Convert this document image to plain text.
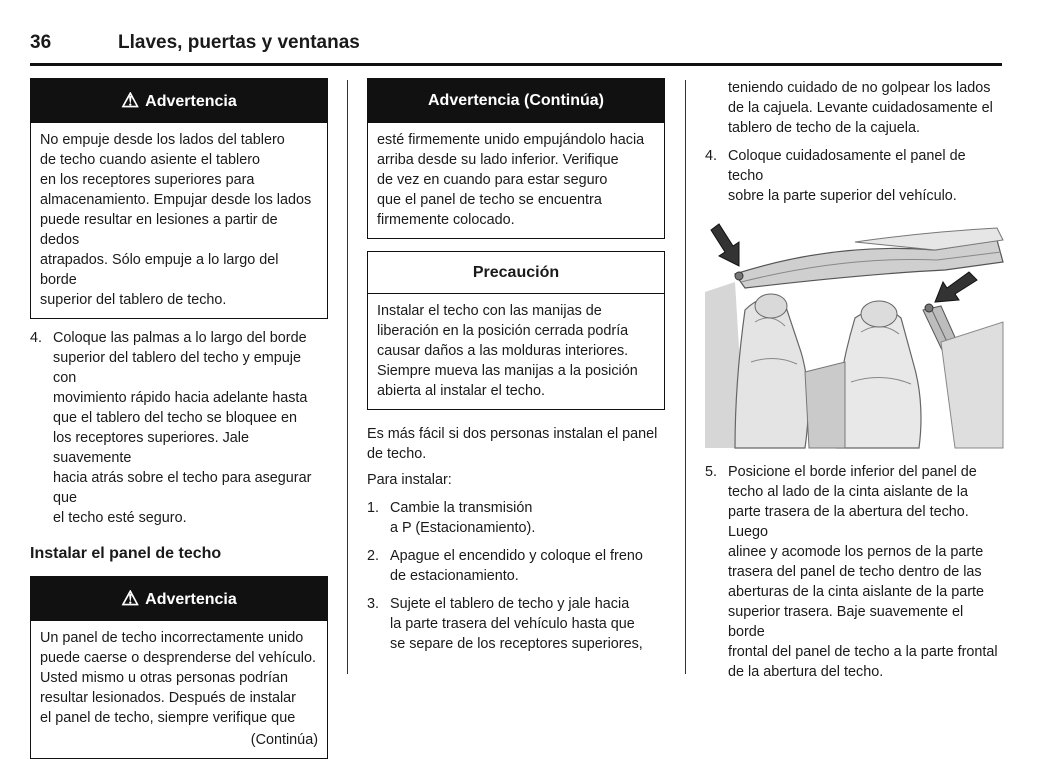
36	Llaves, puertas y ventanas
⚠ Advertencia
No empuje desde los lados del tablero
de techo cuando asiente el tablero
en los receptores superiores para
almacenamiento. Empujar desde los lados
puede resultar en lesiones a partir de dedos
atrapados. Sólo empuje a lo largo del borde
superior del tablero de techo.
4. Coloque las palmas a lo largo del borde
superior del tablero del techo y empuje con
movimiento rápido hacia adelante hasta
que el tablero del techo se bloquee en
los receptores superiores. Jale suavemente
hacia atrás sobre el techo para asegurar que
el techo esté seguro.
Instalar el panel de techo
⚠ Advertencia
Un panel de techo incorrectamente unido
puede caerse o desprenderse del vehículo.
Usted mismo u otras personas podrían
resultar lesionados. Después de instalar
el panel de techo, siempre verifique que
(Continúa)
Advertencia (Continúa)
esté firmemente unido empujándolo hacia
arriba desde su lado inferior. Verifique
de vez en cuando para estar seguro
que el panel de techo se encuentra
firmemente colocado.
Precaución
Instalar el techo con las manijas de
liberación en la posición cerrada podría
causar daños a las molduras interiores.
Siempre mueva las manijas a la posición
abierta al instalar el techo.
Es más fácil si dos personas instalan el panel
de techo.
Para instalar:
1. Cambie la transmisión
a P (Estacionamiento).
2. Apague el encendido y coloque el freno
de estacionamiento.
3. Sujete el tablero de techo y jale hacia
la parte trasera del vehículo hasta que
se separe de los receptores superiores,
teniendo cuidado de no golpear los lados
de la cajuela. Levante cuidadosamente el
tablero de techo de la cajuela.
4. Coloque cuidadosamente el panel de techo
sobre la parte superior del vehículo.
5. Posicione el borde inferior del panel de
techo al lado de la cinta aislante de la
parte trasera de la abertura del techo. Luego
alinee y acomode los pernos de la parte
trasera del panel de techo dentro de las
aberturas de la cinta aislante de la parte
superior trasera. Baje suavemente el borde
frontal del panel de techo a la parte frontal
de la abertura del techo.
